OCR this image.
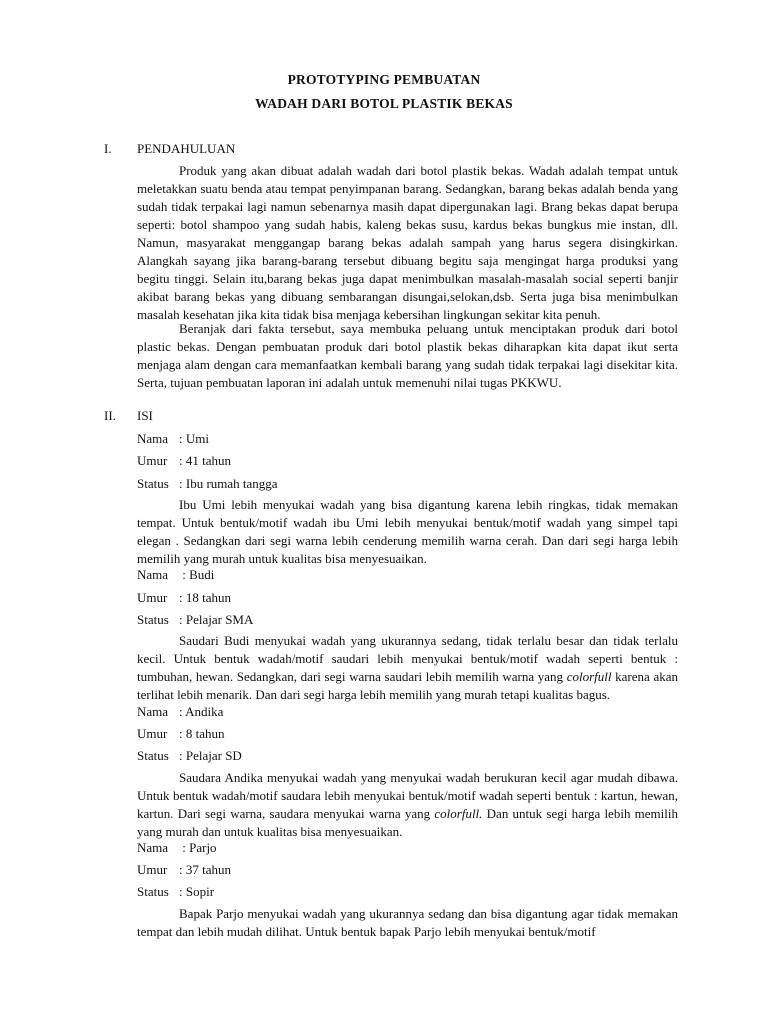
PROTOTYPING PEMBUATAN
WADAH DARI BOTOL PLASTIK BEKAS
I. PENDAHULUAN

Produk yang akan dibuat adalah wadah dari botol plastik bekas. Wadah adalah tempat untuk meletakkan suatu benda atau tempat penyimpanan barang. Sedangkan, barang bekas adalah benda yang sudah tidak terpakai lagi namun sebenarnya masih dapat dipergunakan lagi. Brang bekas dapat berupa seperti: botol shampoo yang sudah habis, kaleng bekas susu, kardus bekas bungkus mie instan, dll. Namun, masyarakat menggangap barang bekas adalah sampah yang harus segera disingkirkan. Alangkah sayang jika barang-barang tersebut dibuang begitu saja mengingat harga produksi yang begitu tinggi. Selain itu,barang bekas juga dapat menimbulkan masalah-masalah social seperti banjir akibat barang bekas yang dibuang sembarangan disungai,selokan,dsb. Serta juga bisa menimbulkan masalah kesehatan jika kita tidak bisa menjaga kebersihan lingkungan sekitar kita penuh.

Beranjak dari fakta tersebut, saya membuka peluang untuk menciptakan produk dari botol plastic bekas. Dengan pembuatan produk dari botol plastik bekas diharapkan kita dapat ikut serta menjaga alam dengan cara memanfaatkan kembali barang yang sudah tidak terpakai lagi disekitar kita. Serta, tujuan pembuatan laporan ini adalah untuk memenuhi nilai tugas PKKWU.

II. ISI
Nama : Umi
Umur : 41 tahun
Status : Ibu rumah tangga

Ibu Umi lebih menyukai wadah yang bisa digantung karena lebih ringkas, tidak memakan tempat. Untuk bentuk/motif wadah ibu Umi lebih menyukai bentuk/motif wadah yang simpel tapi elegan . Sedangkan dari segi warna lebih cenderung memilih warna cerah. Dan dari segi harga lebih memilih yang murah untuk kualitas bisa menyesuaikan.

Nama : Budi
Umur : 18 tahun
Status : Pelajar SMA

Saudari Budi menyukai wadah yang ukurannya sedang, tidak terlalu besar dan tidak terlalu kecil. Untuk bentuk wadah/motif saudari lebih menyukai bentuk/motif wadah seperti bentuk : tumbuhan, hewan. Sedangkan, dari segi warna saudari lebih memilih warna yang colorfull karena akan terlihat lebih menarik. Dan dari segi harga lebih memilih yang murah tetapi kualitas bagus.

Nama : Andika
Umur : 8 tahun
Status : Pelajar SD

Saudara Andika menyukai wadah yang menyukai wadah berukuran kecil agar mudah dibawa. Untuk bentuk wadah/motif saudara lebih menyukai bentuk/motif wadah seperti bentuk : kartun, hewan, kartun. Dari segi warna, saudara menyukai warna yang colorfull. Dan untuk segi harga lebih memilih yang murah dan untuk kualitas bisa menyesuaikan.

Nama : Parjo
Umur : 37 tahun
Status : Sopir

Bapak Parjo menyukai wadah yang ukurannya sedang dan bisa digantung agar tidak memakan tempat dan lebih mudah dilihat. Untuk bentuk bapak Parjo lebih menyukai bentuk/motif
